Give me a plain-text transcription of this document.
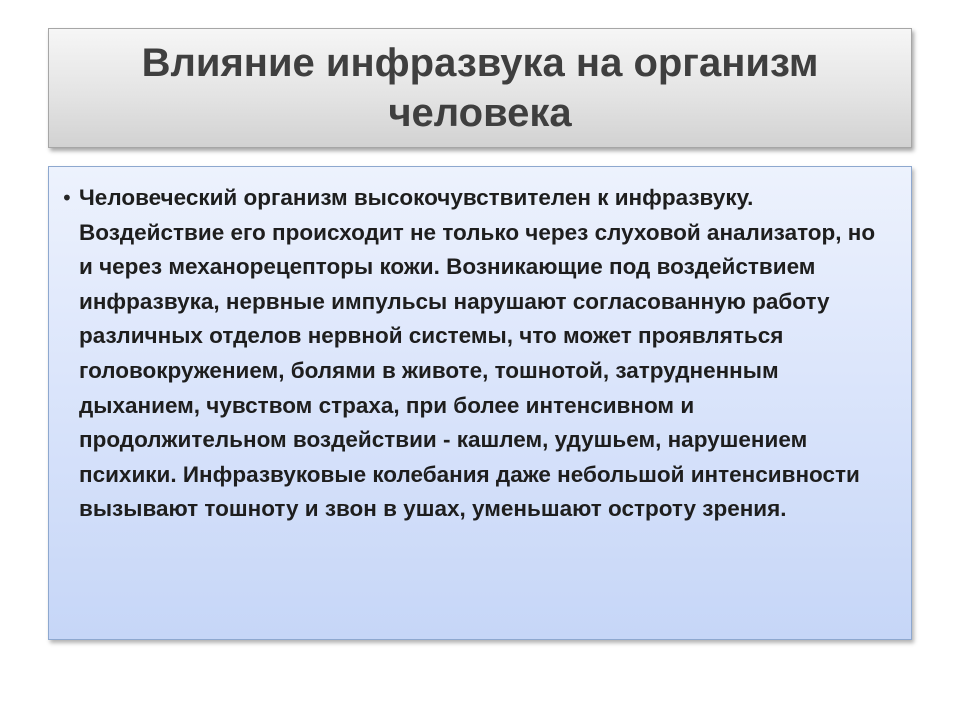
Влияние инфразвука на организм человека
• Человеческий организм высокочувствителен к инфразвуку. Воздействие его происходит не только через слуховой анализатор, но и через механорецепторы кожи. Возникающие под воздействием инфразвука, нервные импульсы нарушают согласованную работу различных отделов нервной системы, что может проявляться головокружением, болями в животе, тошнотой, затрудненным дыханием, чувством страха, при более интенсивном и продолжительном воздействии - кашлем, удушьем, нарушением психики. Инфразвуковые колебания даже небольшой интенсивности вызывают тошноту и звон в ушах, уменьшают остроту зрения.
